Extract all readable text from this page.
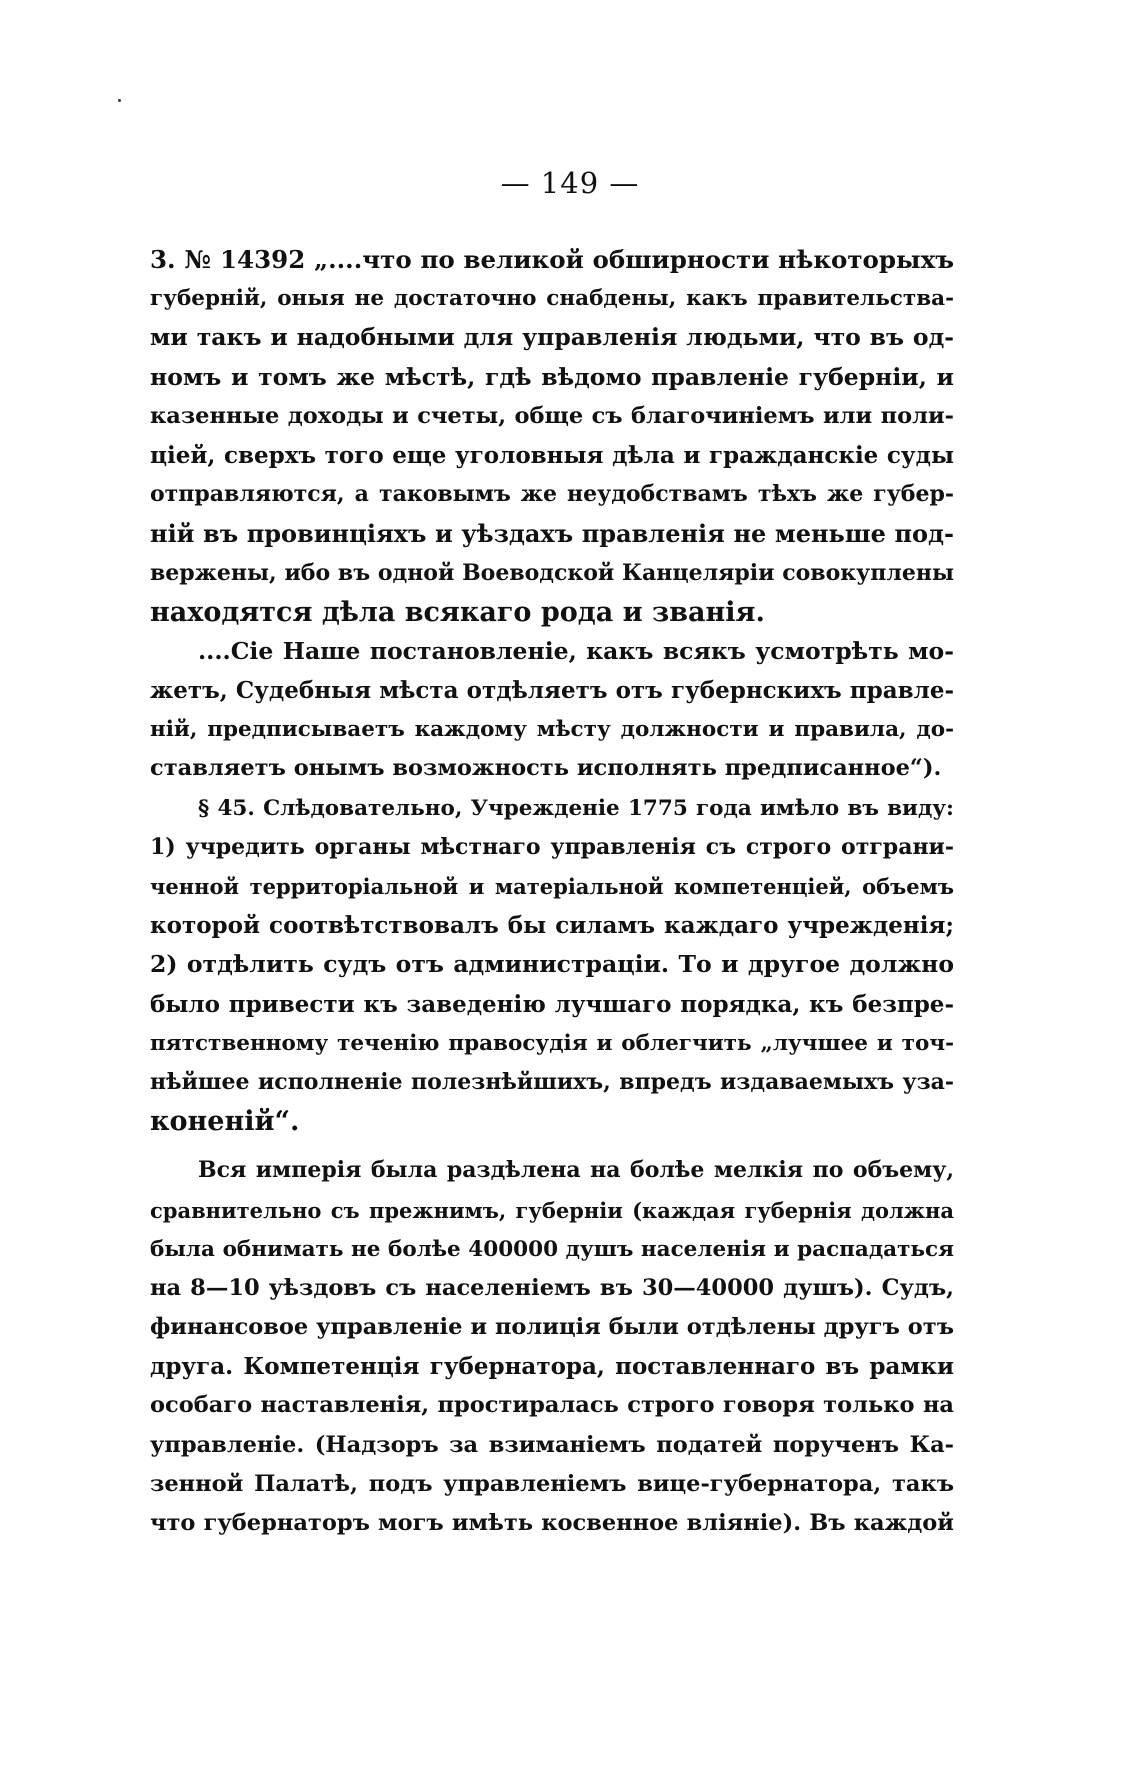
— 149 —
3. № 14392 „....что по великой обширности нѣкоторыхъ
губерній, оныя не достаточно снабдены, какъ правительства-
ми такъ и надобными для управленія людьми, что въ од-
номъ и томъ же мѣстѣ, гдѣ вѣдомо правленіе губерніи, и
казенные доходы и счеты, обще съ благочиніемъ или поли-
ціей, сверхъ того еще уголовныя дѣла и гражданскіе суды
отправляются, а таковымъ же неудобствамъ тѣхъ же губер-
ній въ провинціяхъ и уѣздахъ правленія не меньше под-
вержены, ибо въ одной Воеводской Канцеляріи совокуплены
находятся дѣла всякаго рода и званія.
....Сіе Наше постановленіе, какъ всякъ усмотрѣть мо-
жетъ, Судебныя мѣста отдѣляетъ отъ губернскихъ правле-
ній, предписываетъ каждому мѣсту должности и правила, до-
ставляетъ онымъ возможность исполнять предписанное“).
§ 45. Слѣдовательно, Учрежденіе 1775 года имѣло въ виду:
1) учредить органы мѣстнаго управленія съ строго отграни-
ченной территоріальной и матеріальной компетенціей, объемъ
которой соотвѣтствовалъ бы силамъ каждаго учрежденія;
2) отдѣлить судъ отъ администраціи. То и другое должно
было привести къ заведенію лучшаго порядка, къ безпре-
пятственному теченію правосудія и облегчить „лучшее и точ-
нѣйшее исполненіе полезнѣйшихъ, впредъ издаваемыхъ уза-
коненій“.
Вся имперія была раздѣлена на болѣе мелкія по объему,
сравнительно съ прежнимъ, губерніи (каждая губернія должна
была обнимать не болѣе 400000 душъ населенія и распадаться
на 8—10 уѣздовъ съ населеніемъ въ 30—40000 душъ). Судъ,
финансовое управленіе и полиція были отдѣлены другъ отъ
друга. Компетенція губернатора, поставленнаго въ рамки
особаго наставленія, простиралась строго говоря только на
управленіе. (Надзоръ за взиманіемъ податей порученъ Ка-
зенной Палатѣ, подъ управленіемъ вице-губернатора, такъ
что губернаторъ могъ имѣть косвенное вліяніе). Въ каждой
